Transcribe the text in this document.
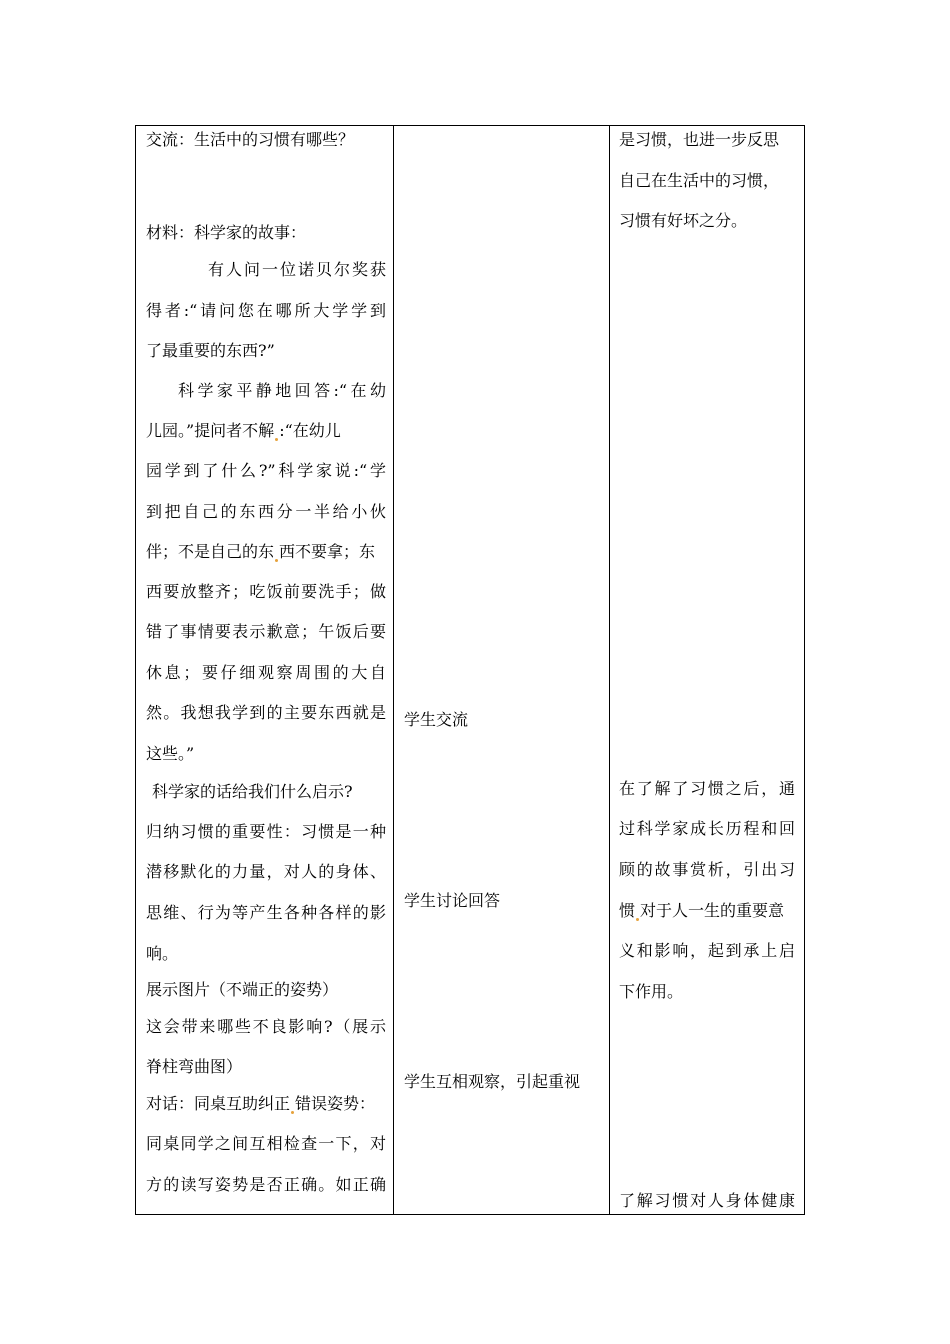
交流：生活中的习惯有哪些？
材料：科学家的故事：
有人问一位诺贝尔奖获
得者:“请问您在哪所大学学到
了最重要的东西?”
科学家平静地回答:“在幼
儿园。”提问者不解 :“在幼儿
园学到了什么?”科学家说:“学
到把自己的东西分一半给小伙
伴；不是自己的东 西不要拿；东
西要放整齐；吃饭前要洗手；做
错了事情要表示歉意；午饭后要
休息；要仔细观察周围的大自
然。我想我学到的主要东西就是
这些。”
科学家的话给我们什么启示?
归纳习惯的重要性：习惯是一种
潜移默化的力量，对人的身体、
思维、行为等产生各种各样的影
响。
展示图片（不端正的姿势）
这会带来哪些不良影响?（展示
脊柱弯曲图）
对话：同桌互助纠正 错误姿势：
同桌同学之间互相检查一下，对
方的读写姿势是否正确。如正确
学生交流
学生讨论回答
学生互相观察，引起重视
是习惯，也进一步反思
自己在生活中的习惯，
习惯有好坏之分。
在了解了习惯之后，通
过科学家成长历程和回
顾的故事赏析，引出习
惯 对于人一生的重要意
义和影响，起到承上启
下作用。
了解习惯对人身体健康
